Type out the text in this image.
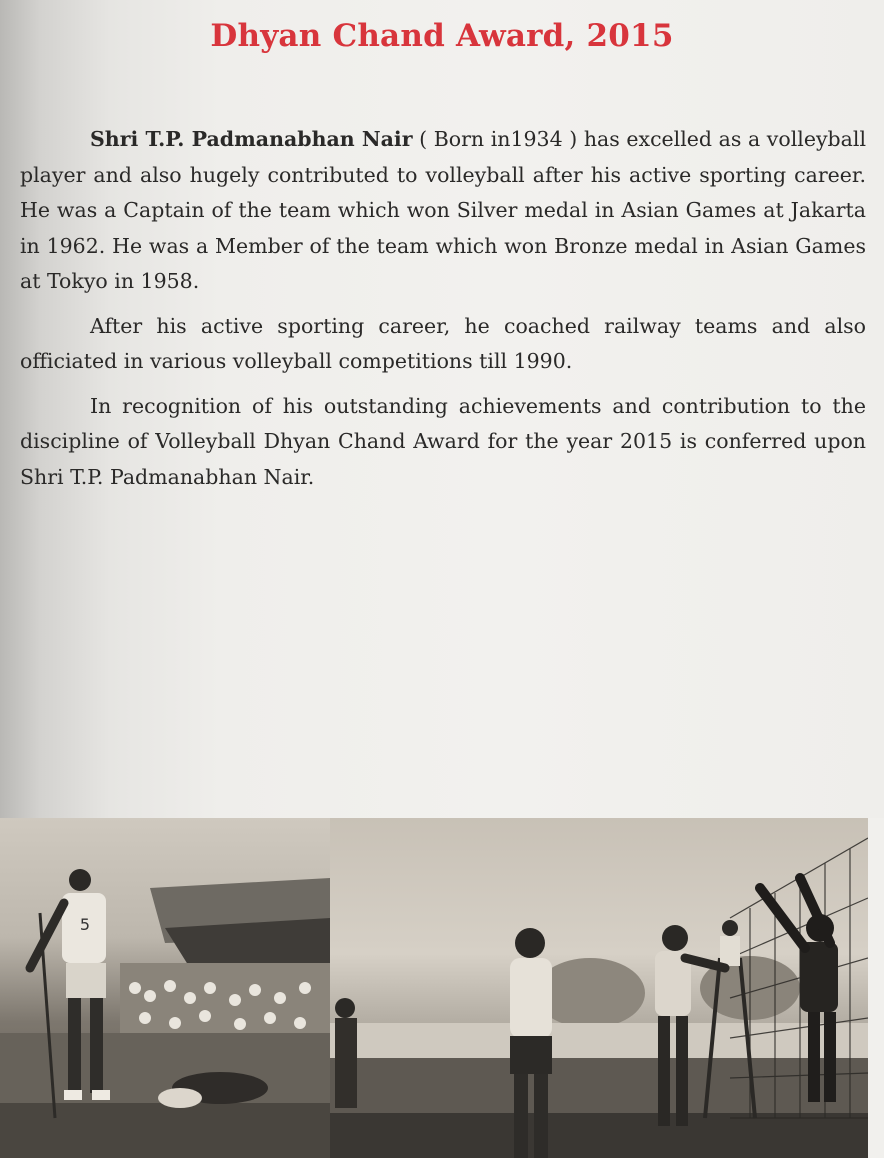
Dhyan Chand Award, 2015

Shri T.P. Padmanabhan Nair ( Born in1934 ) has excelled as a volleyball player and also hugely contributed to volleyball after his active sporting career. He was a Captain of the team which won Silver medal in Asian Games at Jakarta in 1962. He was a Member of the team which won Bronze medal in Asian Games at Tokyo in 1958.

After his active sporting career, he coached railway teams and also officiated in various volleyball competitions till 1990.

In recognition of his outstanding achievements and contribution to the discipline of Volleyball Dhyan Chand Award for the year 2015 is conferred upon Shri T.P. Padmanabhan Nair.

5
